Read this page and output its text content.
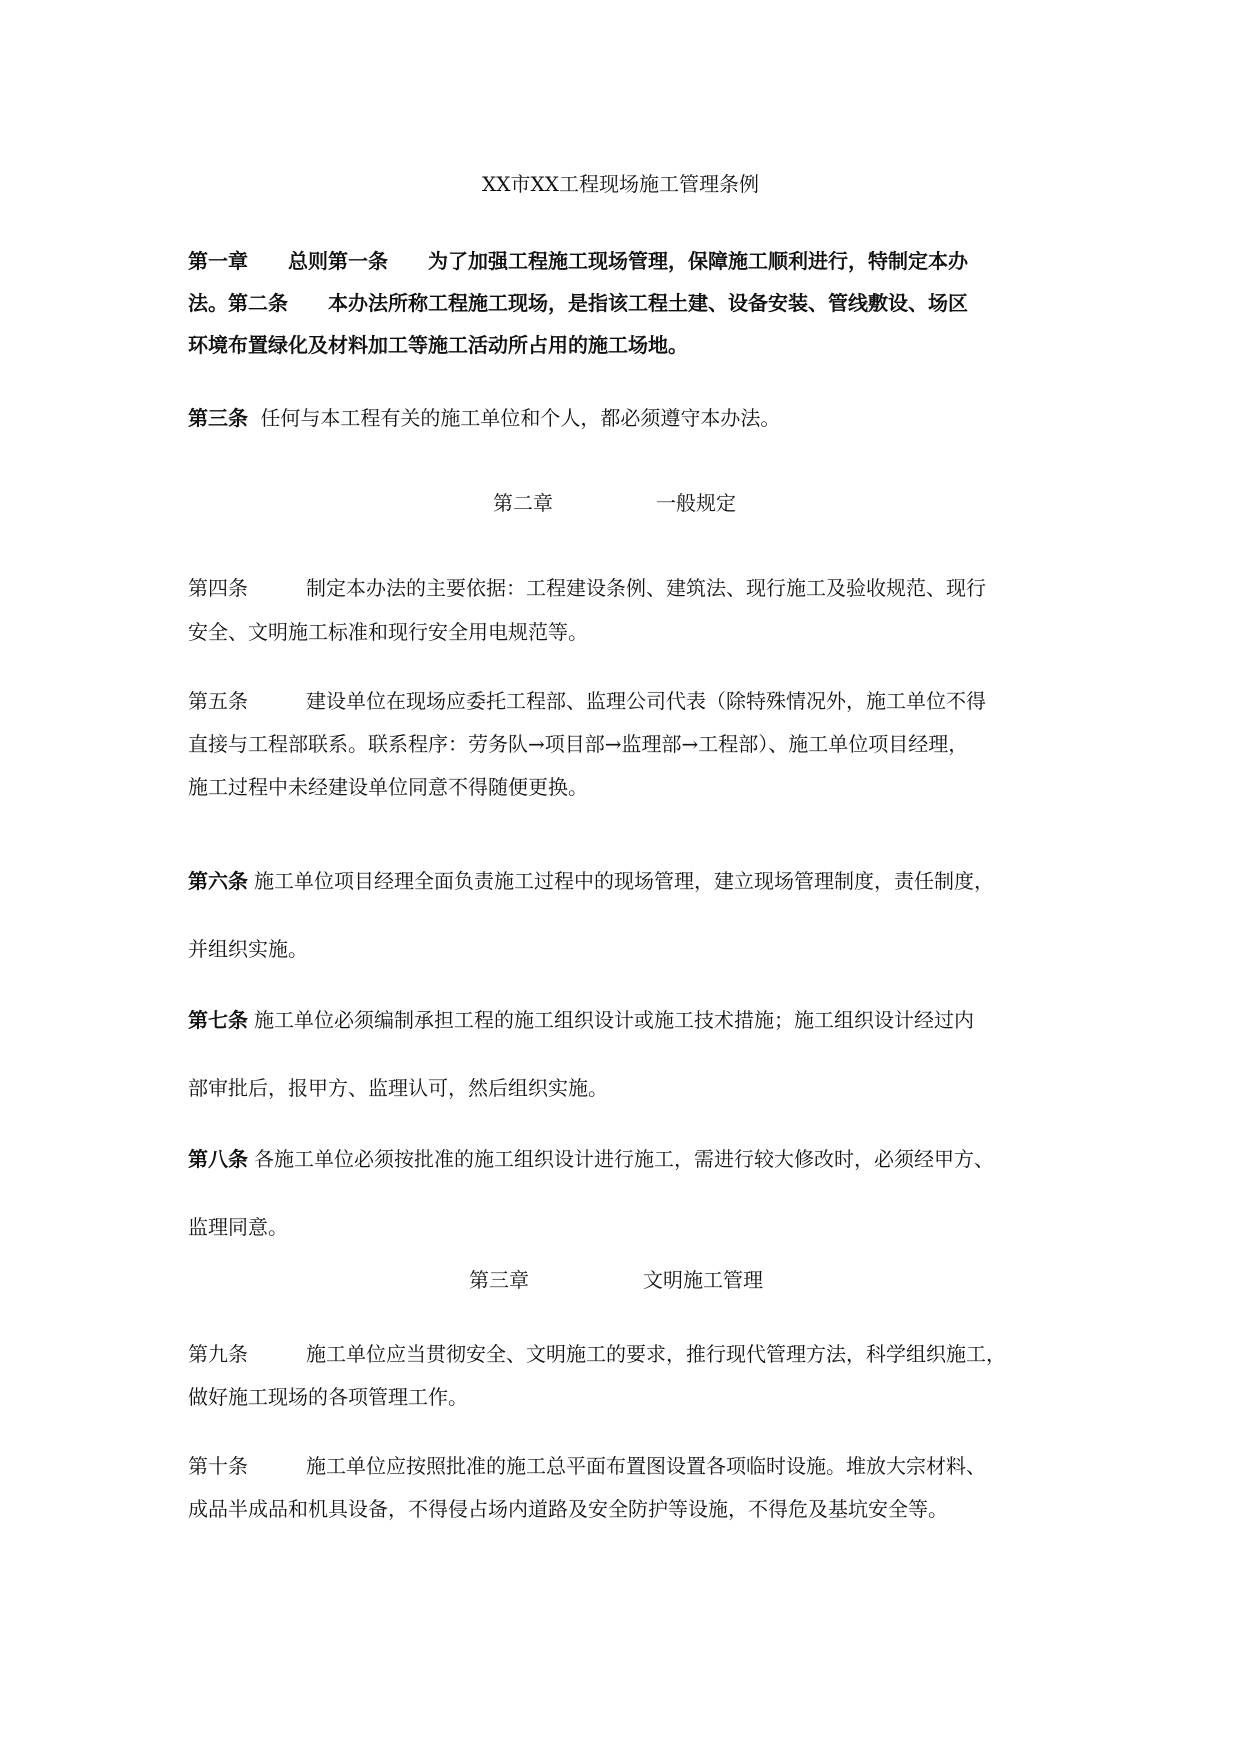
XX市XX工程现场施工管理条例
第一章　　总则第一条　　为了加强工程施工现场管理，保障施工顺利进行，特制定本办
法。第二条　　本办法所称工程施工现场，是指该工程土建、设备安装、管线敷设、场区
环境布置绿化及材料加工等施工活动所占用的施工场地。
第三条 任何与本工程有关的施工单位和个人，都必须遵守本办法。
第二章	一般规定
第四条	制定本办法的主要依据：工程建设条例、建筑法、现行施工及验收规范、现行
安全、文明施工标准和现行安全用电规范等。
第五条	建设单位在现场应委托工程部、监理公司代表（除特殊情况外，施工单位不得
直接与工程部联系。联系程序：劳务队→项目部→监理部→工程部）、施工单位项目经理，
施工过程中未经建设单位同意不得随便更换。
第六条 施工单位项目经理全面负责施工过程中的现场管理，建立现场管理制度，责任制度，
并组织实施。
第七条 施工单位必须编制承担工程的施工组织设计或施工技术措施；施工组织设计经过内
部审批后，报甲方、监理认可，然后组织实施。
第八条 各施工单位必须按批准的施工组织设计进行施工，需进行较大修改时，必须经甲方、
监理同意。
第三章	文明施工管理
第九条	施工单位应当贯彻安全、文明施工的要求，推行现代管理方法，科学组织施工，
做好施工现场的各项管理工作。
第十条	施工单位应按照批准的施工总平面布置图设置各项临时设施。堆放大宗材料、
成品半成品和机具设备，不得侵占场内道路及安全防护等设施，不得危及基坑安全等。
